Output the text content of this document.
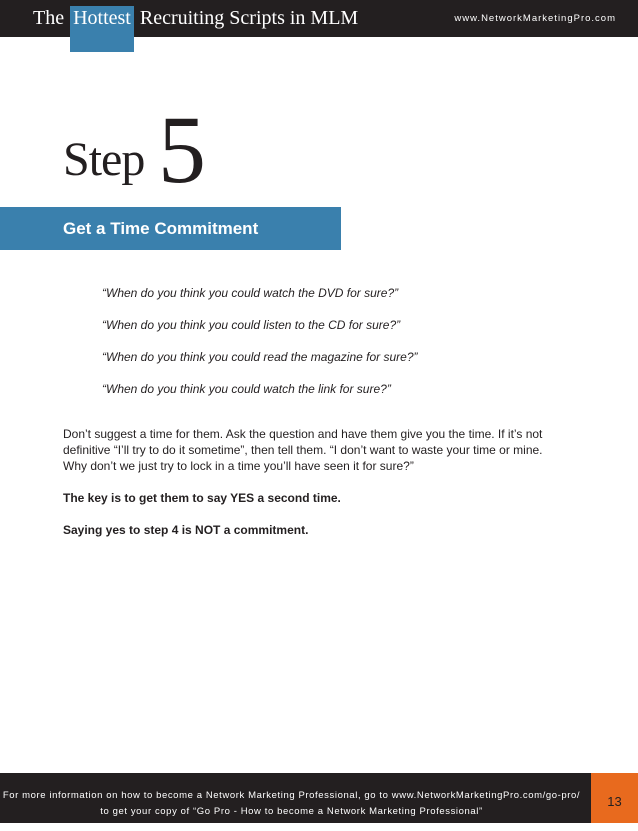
The Hottest Recruiting Scripts in MLM	www.NetworkMarketingPro.com
Step 5
Get a Time Commitment
“When do you think you could watch the DVD for sure?”
“When do you think you could listen to the CD for sure?”
“When do you think you could read the magazine for sure?”
“When do you think you could watch the link for sure?”

Don’t suggest a time for them. Ask the question and have them give you the time. If it’s not
definitive “I’ll try to do it sometime”, then tell them. “I don’t want to waste your time or mine.
Why don’t we just try to lock in a time you’ll have seen it for sure?”

The key is to get them to say YES a second time.

Saying yes to step 4 is NOT a commitment.

For more information on how to become a Network Marketing Professional, go to www.NetworkMarketingPro.com/go-pro/
to get your copy of “Go Pro - How to become a Network Marketing Professional”
13
